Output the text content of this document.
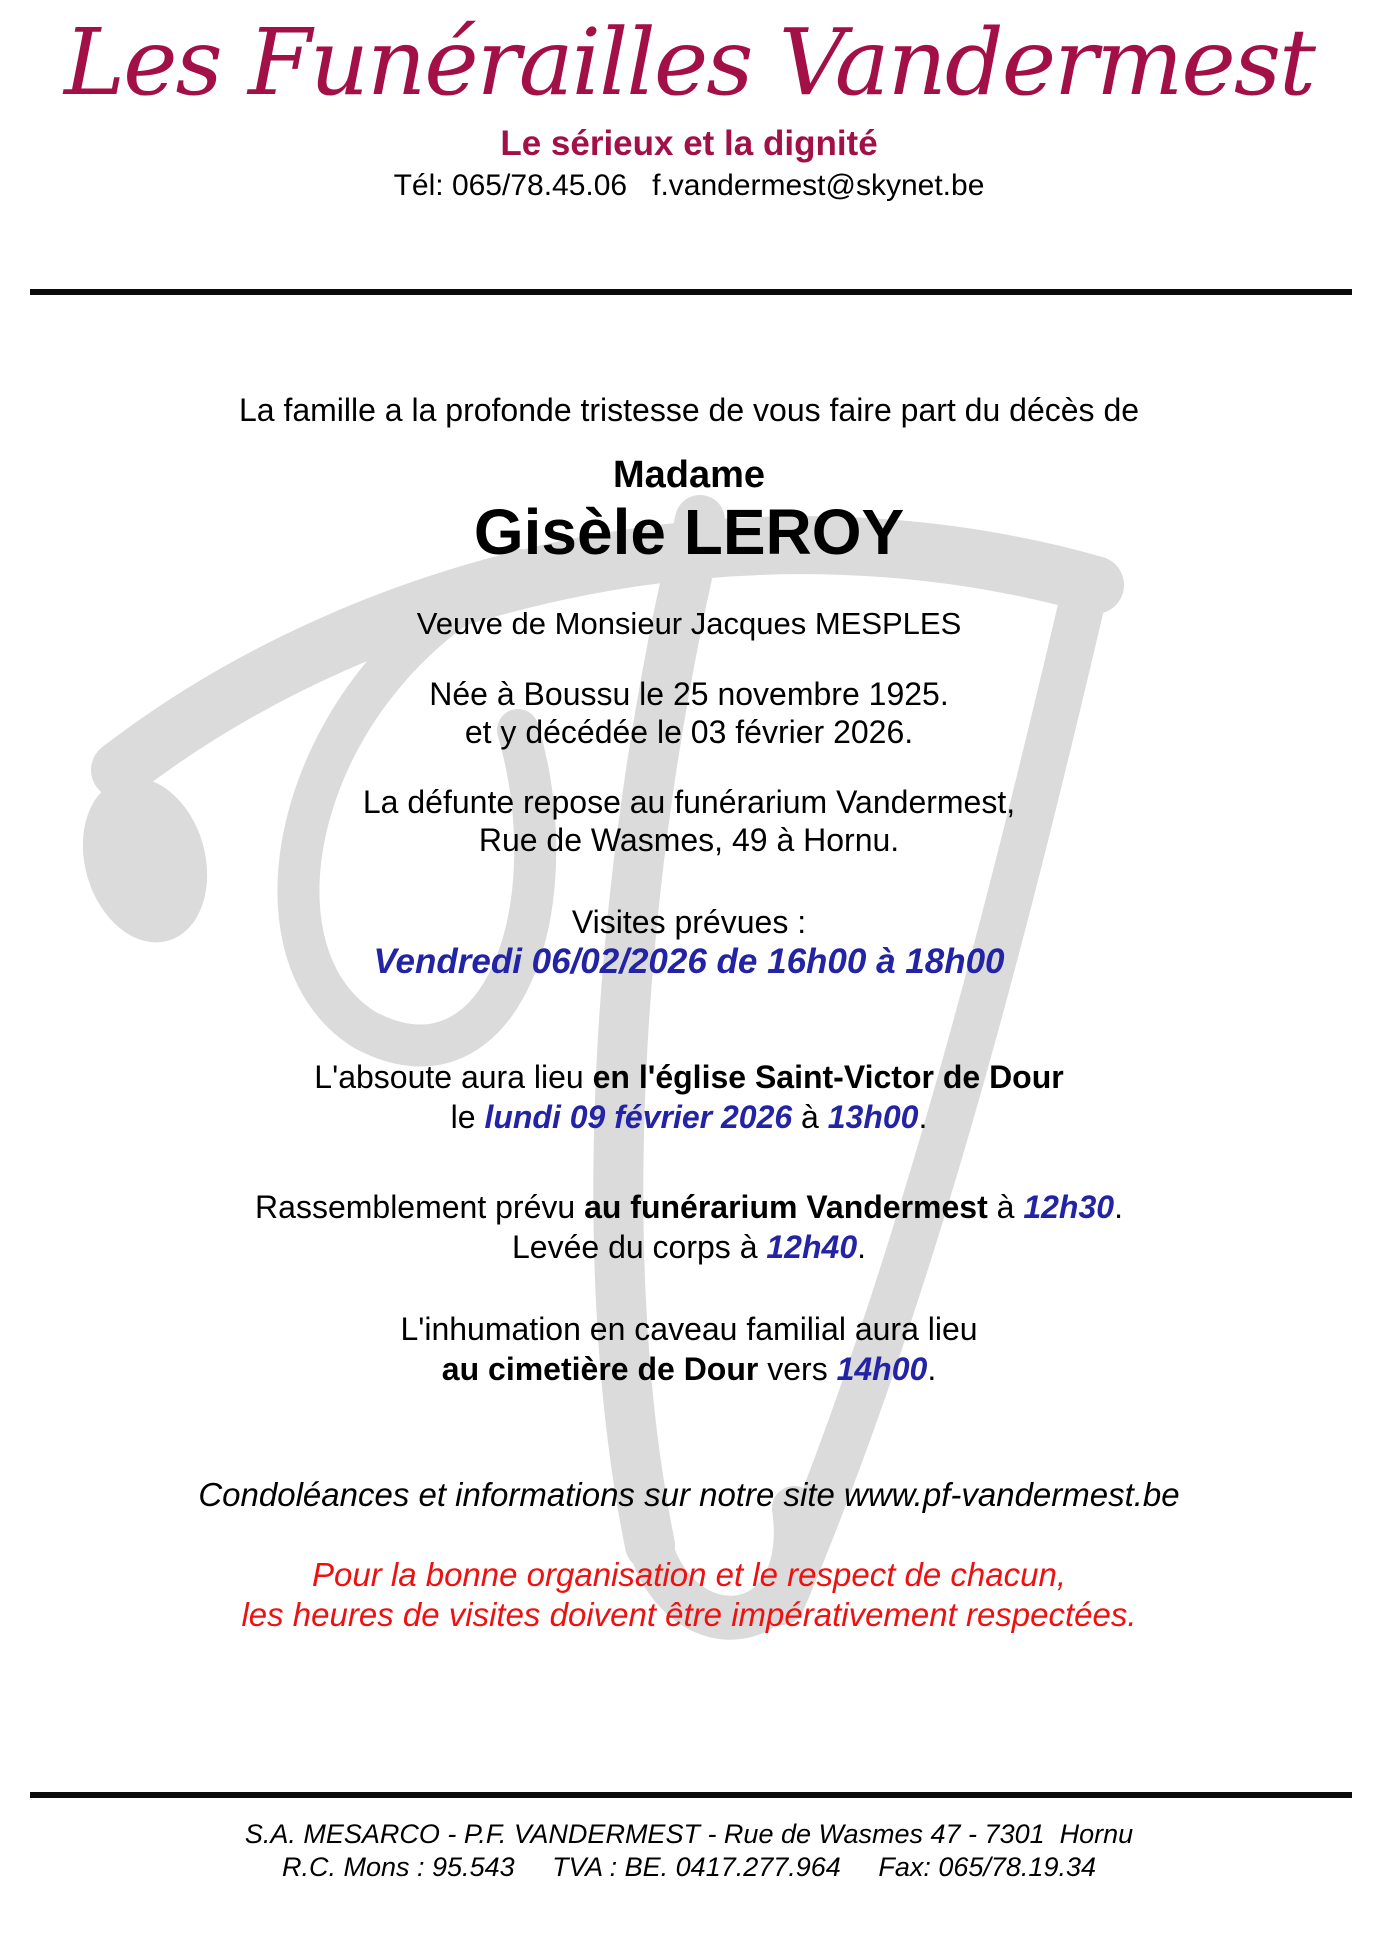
Les Funérailles Vandermest
Le sérieux et la dignité
Tél: 065/78.45.06   f.vandermest@skynet.be

La famille a la profonde tristesse de vous faire part du décès de

Madame

Gisèle LEROY

Veuve de Monsieur Jacques MESPLES

Née à Boussu le 25 novembre 1925.

et y décédée le 03 février 2026.

La défunte repose au funérarium Vandermest,

Rue de Wasmes, 49 à Hornu.

Visites prévues :

Vendredi 06/02/2026 de 16h00 à 18h00

L'absoute aura lieu en l'église Saint-Victor de Dour

le lundi 09 février 2026 à 13h00.

Rassemblement prévu au funérarium Vandermest à 12h30.

Levée du corps à 12h40.

L'inhumation en caveau familial aura lieu

au cimetière de Dour vers 14h00.

Condoléances et informations sur notre site www.pf-vandermest.be

Pour la bonne organisation et le respect de chacun,

les heures de visites doivent être impérativement respectées.

S.A. MESARCO - P.F. VANDERMEST - Rue de Wasmes 47 - 7301  Hornu

R.C. Mons : 95.543     TVA : BE. 0417.277.964     Fax: 065/78.19.34
